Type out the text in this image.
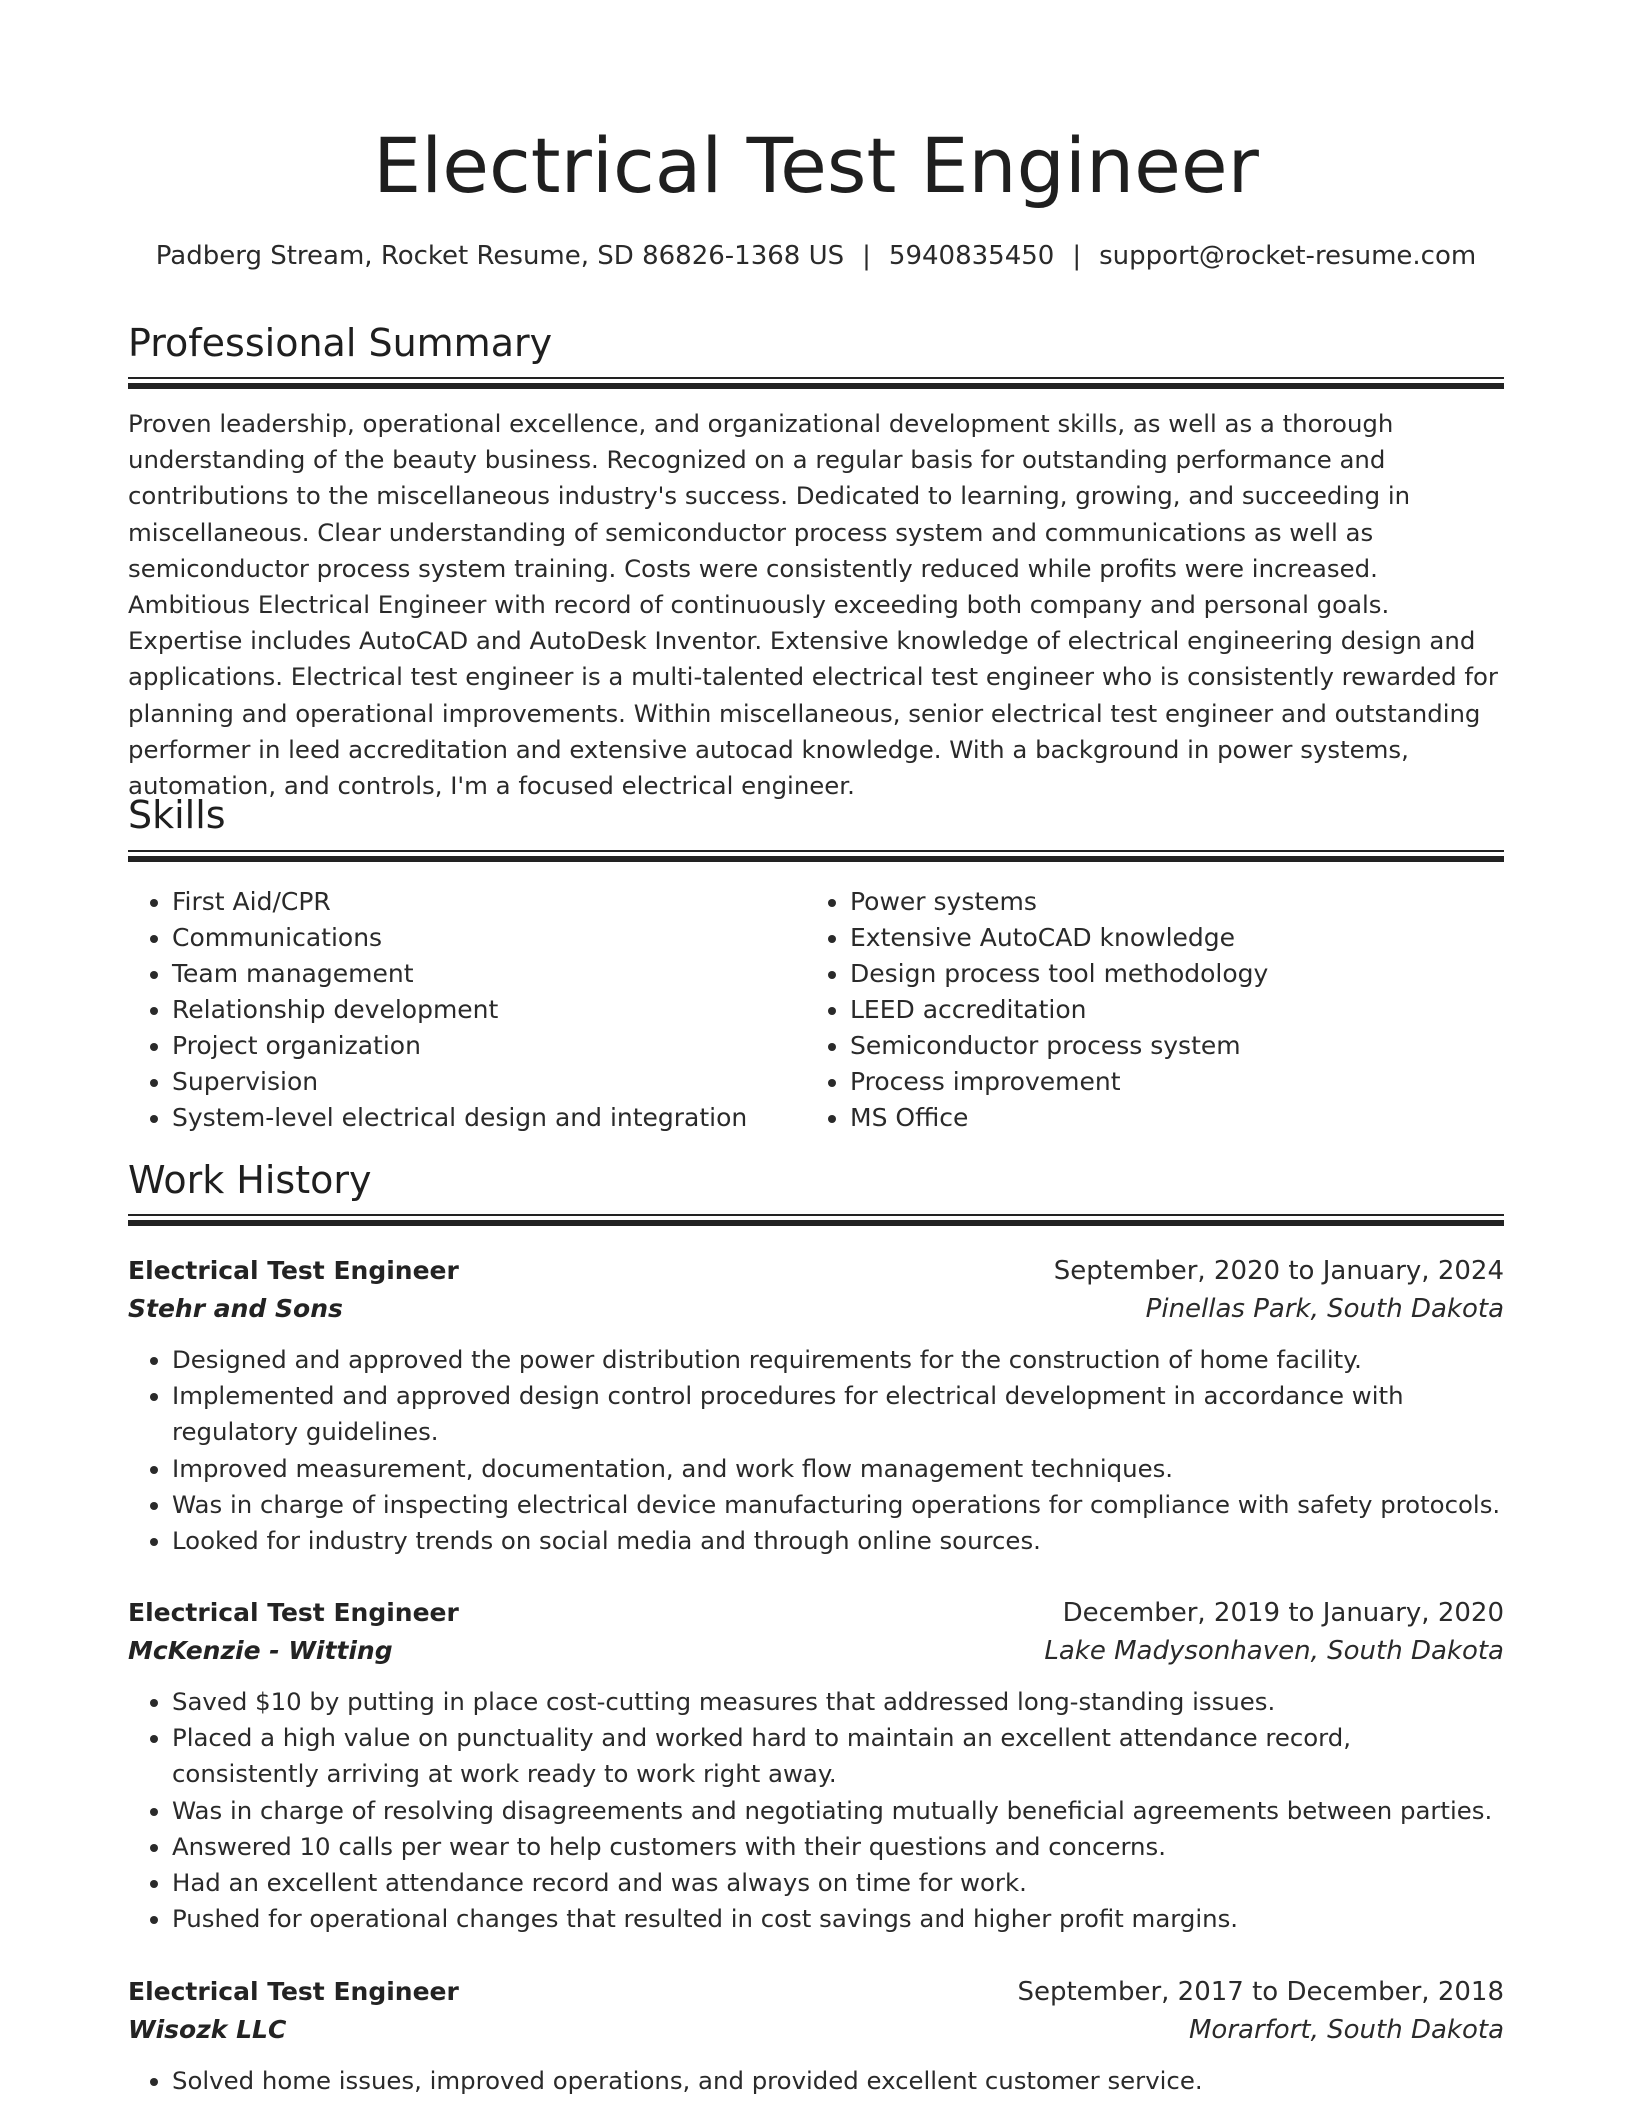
Electrical Test Engineer
Padberg Stream, Rocket Resume, SD 86826-1368 US | 5940835450 | support@rocket-resume.com
Professional Summary

Proven leadership, operational excellence, and organizational development skills, as well as a thorough understanding of the beauty business. Recognized on a regular basis for outstanding performance and contributions to the miscellaneous industry's success. Dedicated to learning, growing, and succeeding in miscellaneous. Clear understanding of semiconductor process system and communications as well as semiconductor process system training. Costs were consistently reduced while profits were increased. Ambitious Electrical Engineer with record of continuously exceeding both company and personal goals. Expertise includes AutoCAD and AutoDesk Inventor. Extensive knowledge of electrical engineering design and applications. Electrical test engineer is a multi-talented electrical test engineer who is consistently rewarded for planning and operational improvements. Within miscellaneous, senior electrical test engineer and outstanding performer in leed accreditation and extensive autocad knowledge. With a background in power systems, automation, and controls, I'm a focused electrical engineer.

Skills
• First Aid/CPR
• Communications
• Team management
• Relationship development
• Project organization
• Supervision
• System-level electrical design and integration
• Power systems
• Extensive AutoCAD knowledge
• Design process tool methodology
• LEED accreditation
• Semiconductor process system
• Process improvement
• MS Office
Work History
Electrical Test Engineer	September, 2020 to January, 2024
Stehr and Sons	Pinellas Park, South Dakota
• Designed and approved the power distribution requirements for the construction of home facility.
• Implemented and approved design control procedures for electrical development in accordance with regulatory guidelines.
• Improved measurement, documentation, and work flow management techniques.
• Was in charge of inspecting electrical device manufacturing operations for compliance with safety protocols.
• Looked for industry trends on social media and through online sources.
Electrical Test Engineer	December, 2019 to January, 2020
McKenzie - Witting	Lake Madysonhaven, South Dakota
• Saved $10 by putting in place cost-cutting measures that addressed long-standing issues.
• Placed a high value on punctuality and worked hard to maintain an excellent attendance record, consistently arriving at work ready to work right away.
• Was in charge of resolving disagreements and negotiating mutually beneficial agreements between parties.
• Answered 10 calls per wear to help customers with their questions and concerns.
• Had an excellent attendance record and was always on time for work.
• Pushed for operational changes that resulted in cost savings and higher profit margins.
Electrical Test Engineer	September, 2017 to December, 2018
Wisozk LLC	Morarfort, South Dakota
• Solved home issues, improved operations, and provided excellent customer service.
